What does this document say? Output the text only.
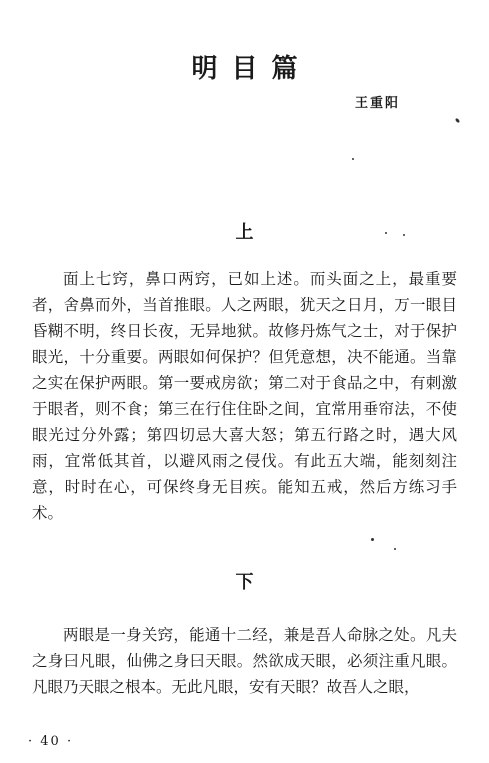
明目篇
王重阳
上
面上七窍，鼻口两窍，已如上述。而头面之上，最重要者，舍鼻而外，当首推眼。人之两眼，犹天之日月，万一眼目昏糊不明，终日长夜，无异地狱。故修丹炼气之士，对于保护眼光，十分重要。两眼如何保护？但凭意想，决不能通。当靠之实在保护两眼。第一要戒房欲；第二对于食品之中，有刺激于眼者，则不食；第三在行住住卧之间，宜常用垂帘法，不使眼光过分外露；第四切忌大喜大怒；第五行路之时，遇大风雨，宜常低其首，以避风雨之侵伐。有此五大端，能刻刻注意，时时在心，可保终身无目疾。能知五戒，然后方练习手术。
下
两眼是一身关窍，能通十二经，兼是吾人命脉之处。凡夫之身曰凡眼，仙佛之身曰天眼。然欲成天眼，必须注重凡眼。凡眼乃天眼之根本。无此凡眼，安有天眼？故吾人之眼，
· 40 ·
